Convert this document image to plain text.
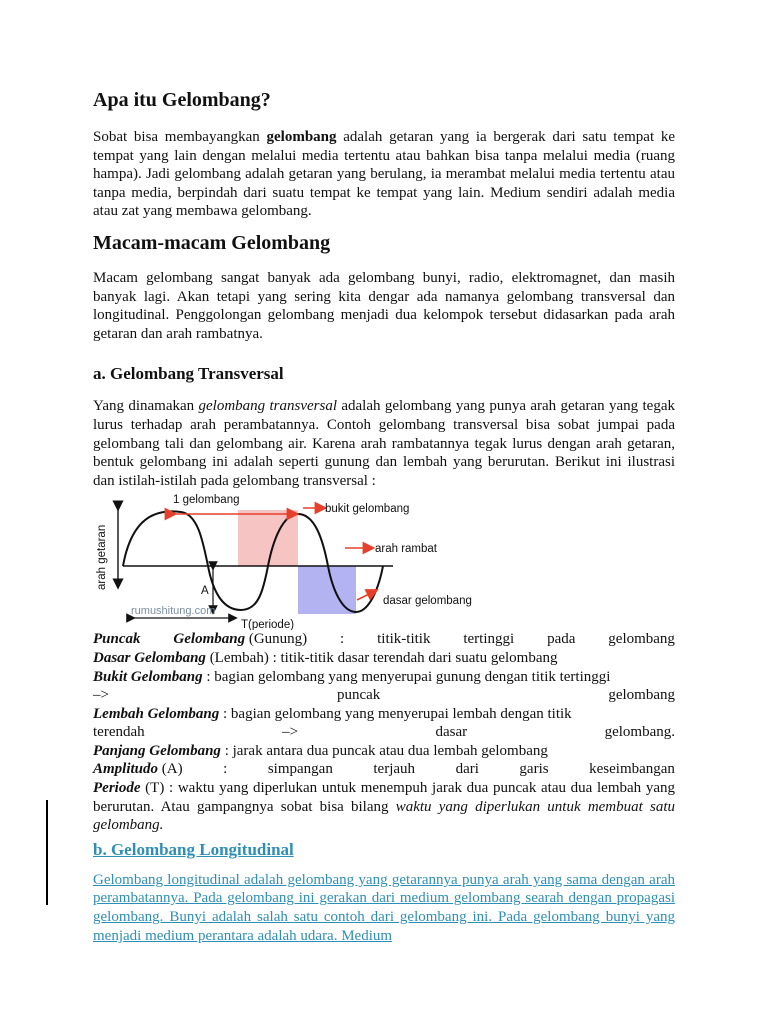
Apa itu Gelombang?

Sobat bisa membayangkan gelombang adalah getaran yang ia bergerak dari satu tempat ke tempat yang lain dengan melalui media tertentu atau bahkan bisa tanpa melalui media (ruang hampa). Jadi gelombang adalah getaran yang berulang, ia merambat melalui media tertentu atau tanpa media, berpindah dari suatu tempat ke tempat yang lain. Medium sendiri adalah media atau zat yang membawa gelombang.

Macam-macam Gelombang

Macam gelombang sangat banyak ada gelombang bunyi, radio, elektromagnet, dan masih banyak lagi. Akan tetapi yang sering kita dengar ada namanya gelombang transversal dan longitudinal. Penggolongan gelombang menjadi dua kelompok tersebut didasarkan pada arah getaran dan arah rambatnya.

a. Gelombang Transversal

Yang dinamakan gelombang transversal adalah gelombang yang punya arah getaran yang tegak lurus terhadap arah perambatannya. Contoh gelombang transversal bisa sobat jumpai pada gelombang tali dan gelombang air. Karena arah rambatannya tegak lurus dengan arah getaran, bentuk gelombang ini adalah seperti gunung dan lembah yang berurutan. Berikut ini ilustrasi dan istilah-istilah pada gelombang transversal :

1 gelombang
bukit gelombang
arah rambat
arah getaran
A
dasar gelombang
rumushitung.com
T(periode)
Puncak Gelombang (Gunung) : titik-titik tertinggi pada gelombang

Dasar Gelombang (Lembah) : titik-titik dasar terendah dari suatu gelombang

Bukit Gelombang : bagian gelombang yang menyerupai gunung dengan titik tertinggi

–>	puncak	gelombang

Lembah Gelombang : bagian gelombang yang menyerupai lembah dengan titik

terendah	–>	dasar	gelombang.

Panjang Gelombang : jarak antara dua puncak atau dua lembah gelombang

Amplitudo (A)	:	simpangan	terjauh	dari	garis	keseimbangan

Periode (T) : waktu yang diperlukan untuk menempuh jarak dua puncak atau dua lembah yang berurutan. Atau gampangnya sobat bisa bilang waktu yang diperlukan untuk membuat satu gelombang.

b. Gelombang Longitudinal

Gelombang longitudinal adalah gelombang yang getarannya punya arah yang sama dengan arah perambatannya. Pada gelombang ini gerakan dari medium gelombang searah dengan propagasi gelombang. Bunyi adalah salah satu contoh dari gelombang ini. Pada gelombang bunyi yang menjadi medium perantara adalah udara. Medium
